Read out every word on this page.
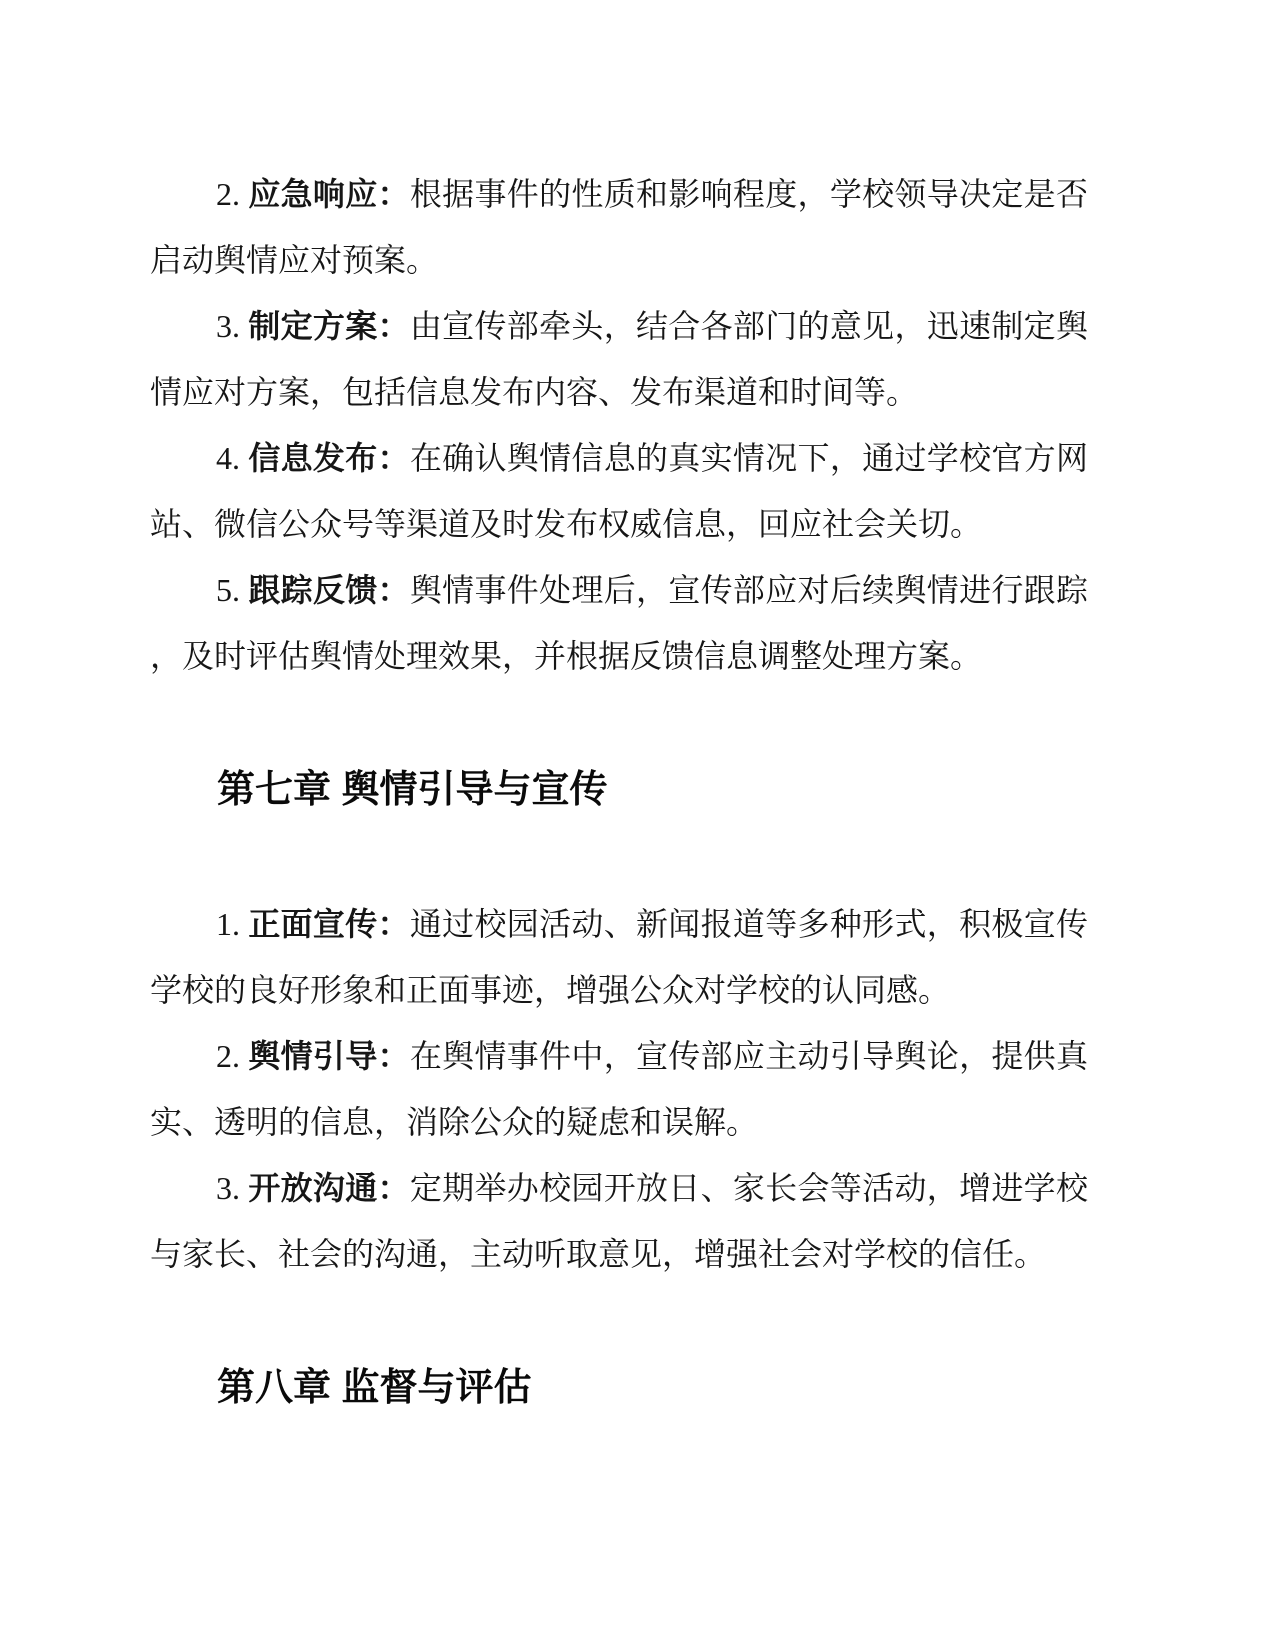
2. 应急响应：根据事件的性质和影响程度，学校领导决定是否
启动舆情应对预案。
3. 制定方案：由宣传部牵头，结合各部门的意见，迅速制定舆
情应对方案，包括信息发布内容、发布渠道和时间等。
4. 信息发布：在确认舆情信息的真实情况下，通过学校官方网
站、微信公众号等渠道及时发布权威信息，回应社会关切。
5. 跟踪反馈：舆情事件处理后，宣传部应对后续舆情进行跟踪
，及时评估舆情处理效果，并根据反馈信息调整处理方案。
第七章 舆情引导与宣传
1. 正面宣传：通过校园活动、新闻报道等多种形式，积极宣传
学校的良好形象和正面事迹，增强公众对学校的认同感。
2. 舆情引导：在舆情事件中，宣传部应主动引导舆论，提供真
实、透明的信息，消除公众的疑虑和误解。
3. 开放沟通：定期举办校园开放日、家长会等活动，增进学校
与家长、社会的沟通，主动听取意见，增强社会对学校的信任。
第八章 监督与评估
